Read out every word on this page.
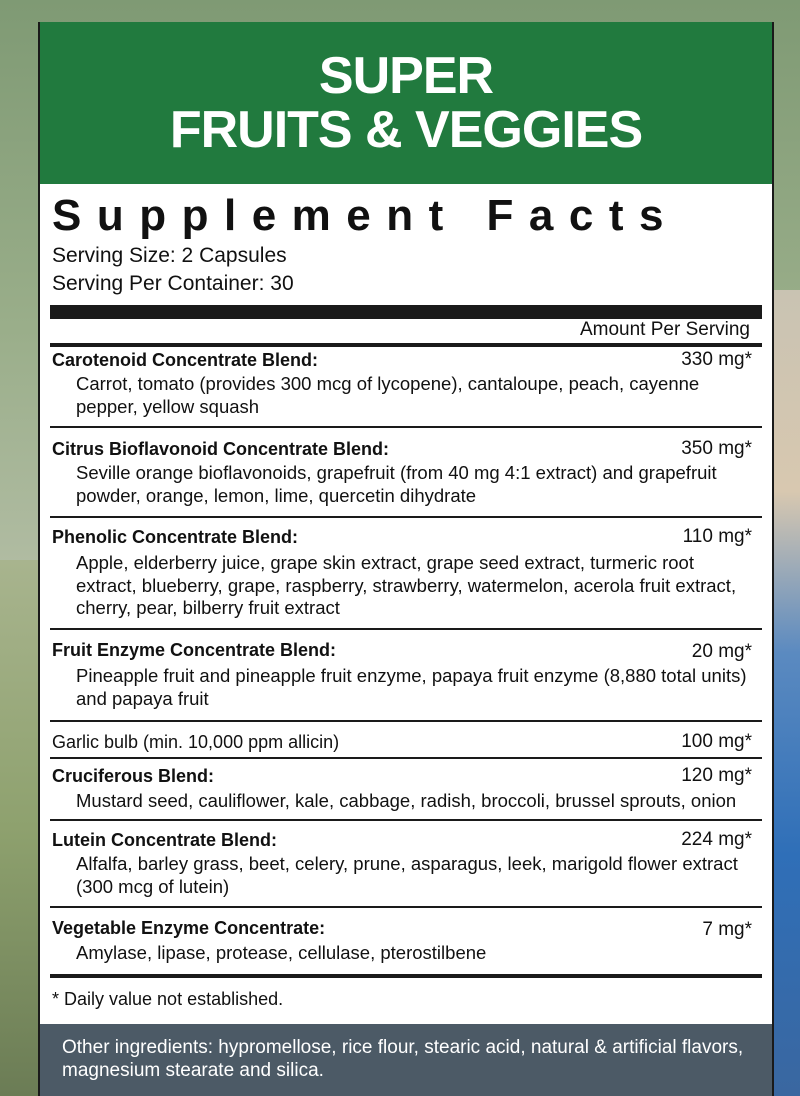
SUPER
FRUITS & VEGGIES
Supplement Facts
Serving Size: 2 Capsules
Serving Per Container: 30
Amount Per Serving
Carotenoid Concentrate Blend:	330 mg*
Carrot, tomato (provides 300 mcg of lycopene), cantaloupe, peach, cayenne pepper, yellow squash
Citrus Bioflavonoid Concentrate Blend:	350 mg*
Seville orange bioflavonoids, grapefruit (from 40 mg 4:1 extract) and grapefruit powder, orange, lemon, lime, quercetin dihydrate
Phenolic Concentrate Blend:	110 mg*
Apple, elderberry juice, grape skin extract, grape seed extract, turmeric root extract, blueberry, grape, raspberry, strawberry, watermelon, acerola fruit extract, cherry, pear, bilberry fruit extract
Fruit Enzyme Concentrate Blend:	20 mg*
Pineapple fruit and pineapple fruit enzyme, papaya fruit enzyme (8,880 total units) and papaya fruit
Garlic bulb (min. 10,000 ppm allicin)	100 mg*
Cruciferous Blend:	120 mg*
Mustard seed, cauliflower, kale, cabbage, radish, broccoli, brussel sprouts, onion
Lutein Concentrate Blend:	224 mg*
Alfalfa, barley grass, beet, celery, prune, asparagus, leek, marigold flower extract (300 mcg of lutein)
Vegetable Enzyme Concentrate:	7 mg*
Amylase, lipase, protease, cellulase, pterostilbene
* Daily value not established.
Other ingredients: hypromellose, rice flour, stearic acid, natural & artificial flavors, magnesium stearate and silica.
